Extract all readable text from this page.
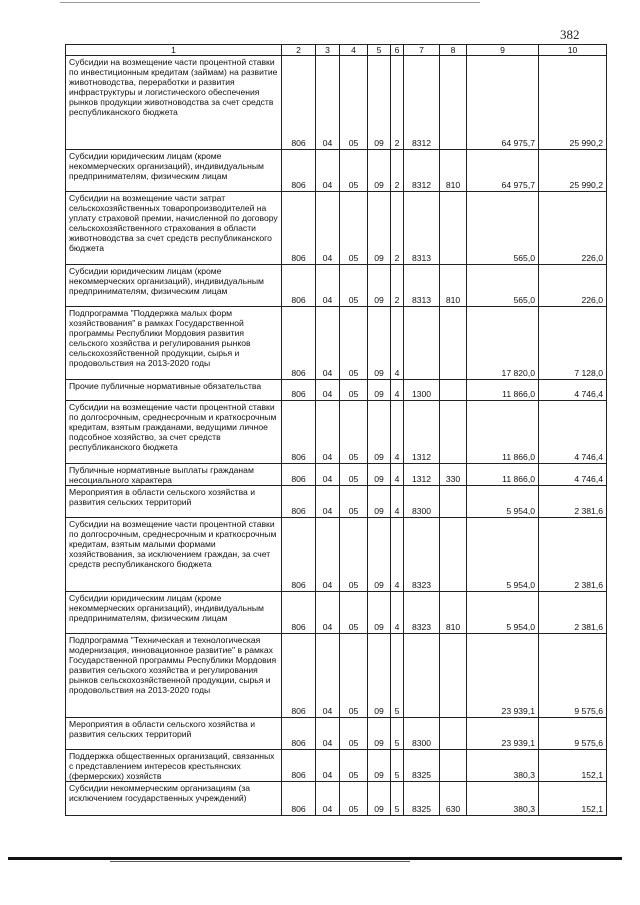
382
1	2	3	4	5	6	7	8	9	10
Субсидии на возмещение части процентной ставки по инвестиционным кредитам (займам) на развитие животноводства, переработки и развития инфраструктуры и логистического обеспечения рынков продукции животноводства за счет средств республиканского бюджета	806	04	05	09	2	8312		64 975,7	25 990,2
Субсидии юридическим лицам (кроме некоммерческих организаций), индивидуальным предпринимателям, физическим лицам	806	04	05	09	2	8312	810	64 975,7	25 990,2
Субсидии на возмещение части затрат сельскохозяйственных товаропроизводителей на уплату страховой премии, начисленной по договору сельскохозяйственного страхования в области животноводства за счет средств республиканского бюджета	806	04	05	09	2	8313		565,0	226,0
Субсидии юридическим лицам (кроме некоммерческих организаций), индивидуальным предпринимателям, физическим лицам	806	04	05	09	2	8313	810	565,0	226,0
Подпрограмма "Поддержка малых форм хозяйствования" в рамках Государственной программы Республики Мордовия развития сельского хозяйства и регулирования рынков сельскохозяйственной продукции, сырья и продовольствия на 2013-2020 годы	806	04	05	09	4			17 820,0	7 128,0
Прочие публичные нормативные обязательства	806	04	05	09	4	1300		11 866,0	4 746,4
Субсидии на возмещение части процентной ставки по долгосрочным, среднесрочным и краткосрочным кредитам, взятым гражданами, ведущими личное подсобное хозяйство, за счет средств республиканского бюджета	806	04	05	09	4	1312		11 866,0	4 746,4
Публичные нормативные выплаты гражданам несоциального характера	806	04	05	09	4	1312	330	11 866,0	4 746,4
Мероприятия в области сельского хозяйства и развития сельских территорий	806	04	05	09	4	8300		5 954,0	2 381,6
Субсидии на возмещение части процентной ставки по долгосрочным, среднесрочным и краткосрочным кредитам, взятым малыми формами хозяйствования, за исключением граждан, за счет средств республиканского бюджета	806	04	05	09	4	8323		5 954,0	2 381,6
Субсидии юридическим лицам (кроме некоммерческих организаций), индивидуальным предпринимателям, физическим лицам	806	04	05	09	4	8323	810	5 954,0	2 381,6
Подпрограмма "Техническая и технологическая модернизация, инновационное развитие" в рамках Государственной программы Республики Мордовия развития сельского хозяйства и регулирования рынков сельскохозяйственной продукции, сырья и продовольствия на 2013-2020 годы	806	04	05	09	5			23 939,1	9 575,6
Мероприятия в области сельского хозяйства и развития сельских территорий	806	04	05	09	5	8300		23 939,1	9 575,6
Поддержка общественных организаций, связанных с представлением интересов крестьянских (фермерских) хозяйств	806	04	05	09	5	8325		380,3	152,1
Субсидии некоммерческим организациям (за исключением государственных учреждений)	806	04	05	09	5	8325	630	380,3	152,1
